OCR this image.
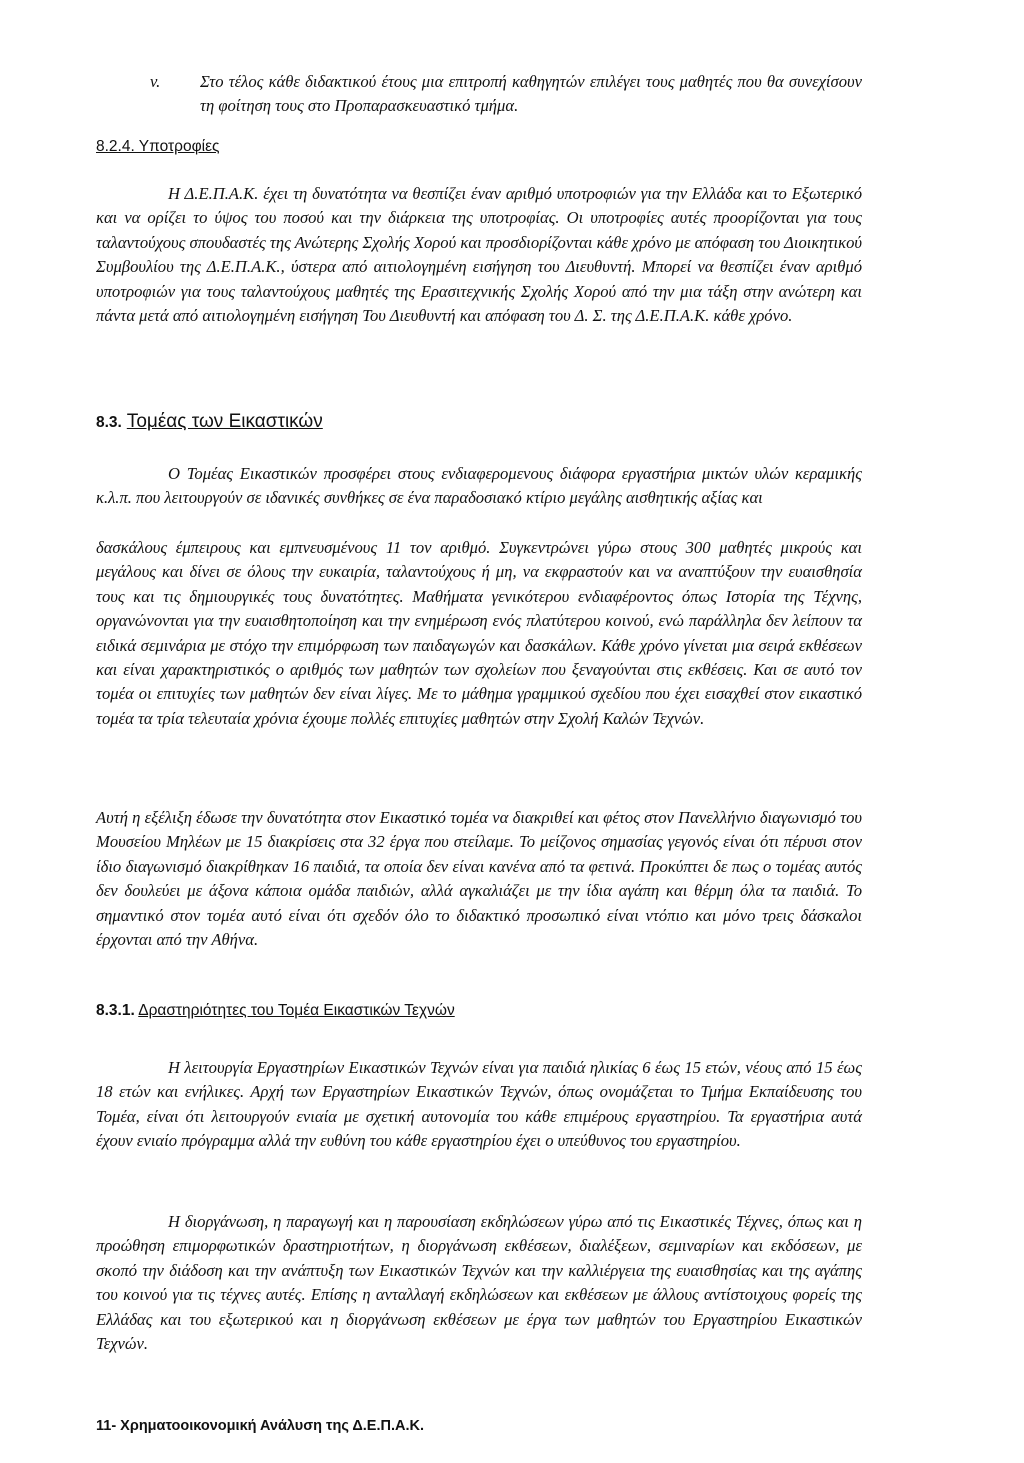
v. Στο τέλος κάθε διδακτικού έτους μια επιτροπή καθηγητών επιλέγει τους μαθητές που θα συνεχίσουν τη φοίτηση τους στο Προπαρασκευαστικό τμήμα.
8.2.4. Υποτροφίες
Η Δ.Ε.Π.Α.Κ. έχει τη δυνατότητα να θεσπίζει έναν αριθμό υποτροφιών για την Ελλάδα και το Εξωτερικό και να ορίζει το ύψος του ποσού και την διάρκεια της υποτροφίας. Οι υποτροφίες αυτές προορίζονται για τους ταλαντούχους σπουδαστές της Ανώτερης Σχολής Χορού και προσδιορίζονται κάθε χρόνο με απόφαση του Διοικητικού Συμβουλίου της Δ.Ε.Π.Α.Κ., ύστερα από αιτιολογημένη εισήγηση του Διευθυντή. Μπορεί να θεσπίζει έναν αριθμό υποτροφιών για τους ταλαντούχους μαθητές της Ερασιτεχνικής Σχολής Χορού από την μια τάξη στην ανώτερη και πάντα μετά από αιτιολογημένη εισήγηση Του Διευθυντή και απόφαση του Δ. Σ. της Δ.Ε.Π.Α.Κ. κάθε χρόνο.
8.3. Τομέας των Εικαστικών
Ο Τομέας Εικαστικών προσφέρει στους ενδιαφερομενους διάφορα εργαστήρια μικτών υλών κεραμικής κ.λ.π. που λειτουργούν σε ιδανικές συνθήκες σε ένα παραδοσιακό κτίριο μεγάλης αισθητικής αξίας και
δασκάλους έμπειρους και εμπνευσμένους 11 τον αριθμό. Συγκεντρώνει γύρω στους 300 μαθητές μικρούς και μεγάλους και δίνει σε όλους την ευκαιρία, ταλαντούχους ή μη, να εκφραστούν και να αναπτύξουν την ευαισθησία τους και τις δημιουργικές τους δυνατότητες. Μαθήματα γενικότερου ενδιαφέροντος όπως Ιστορία της Τέχνης, οργανώνονται για την ευαισθητοποίηση και την ενημέρωση ενός πλατύτερου κοινού, ενώ παράλληλα δεν λείπουν τα ειδικά σεμινάρια με στόχο την επιμόρφωση των παιδαγωγών και δασκάλων. Κάθε χρόνο γίνεται μια σειρά εκθέσεων και είναι χαρακτηριστικός ο αριθμός των μαθητών των σχολείων που ξεναγούνται στις εκθέσεις. Και σε αυτό τον τομέα οι επιτυχίες των μαθητών δεν είναι λίγες. Με το μάθημα γραμμικού σχεδίου που έχει εισαχθεί στον εικαστικό τομέα τα τρία τελευταία χρόνια έχουμε πολλές επιτυχίες μαθητών στην Σχολή Καλών Τεχνών.
Αυτή η εξέλιξη έδωσε την δυνατότητα στον Εικαστικό τομέα να διακριθεί και φέτος στον Πανελλήνιο διαγωνισμό του Μουσείου Μηλέων με 15 διακρίσεις στα 32 έργα που στείλαμε. Το μείζονος σημασίας γεγονός είναι ότι πέρυσι στον ίδιο διαγωνισμό διακρίθηκαν 16 παιδιά, τα οποία δεν είναι κανένα από τα φετινά. Προκύπτει δε πως ο τομέας αυτός δεν δουλεύει με άξονα κάποια ομάδα παιδιών, αλλά αγκαλιάζει με την ίδια αγάπη και θέρμη όλα τα παιδιά. Το σημαντικό στον τομέα αυτό είναι ότι σχεδόν όλο το διδακτικό προσωπικό είναι ντόπιο και μόνο τρεις δάσκαλοι έρχονται από την Αθήνα.
8.3.1. Δραστηριότητες του Τομέα Εικαστικών Τεχνών
Η λειτουργία Εργαστηρίων Εικαστικών Τεχνών είναι για παιδιά ηλικίας 6 έως 15 ετών, νέους από 15 έως 18 ετών και ενήλικες. Αρχή των Εργαστηρίων Εικαστικών Τεχνών, όπως ονομάζεται το Τμήμα Εκπαίδευσης του Τομέα, είναι ότι λειτουργούν ενιαία με σχετική αυτονομία του κάθε επιμέρους εργαστηρίου. Τα εργαστήρια αυτά έχουν ενιαίο πρόγραμμα αλλά την ευθύνη του κάθε εργαστηρίου έχει ο υπεύθυνος του εργαστηρίου.
Η διοργάνωση, η παραγωγή και η παρουσίαση εκδηλώσεων γύρω από τις Εικαστικές Τέχνες, όπως και η προώθηση επιμορφωτικών δραστηριοτήτων, η διοργάνωση εκθέσεων, διαλέξεων, σεμιναρίων και εκδόσεων, με σκοπό την διάδοση και την ανάπτυξη των Εικαστικών Τεχνών και την καλλιέργεια της ευαισθησίας και της αγάπης του κοινού για τις τέχνες αυτές. Επίσης η ανταλλαγή εκδηλώσεων και εκθέσεων με άλλους αντίστοιχους φορείς της Ελλάδας και του εξωτερικού και η διοργάνωση εκθέσεων με έργα των μαθητών του Εργαστηρίου Εικαστικών Τεχνών.
11- Χρηματοοικονομική Ανάλυση της Δ.Ε.Π.Α.Κ.
